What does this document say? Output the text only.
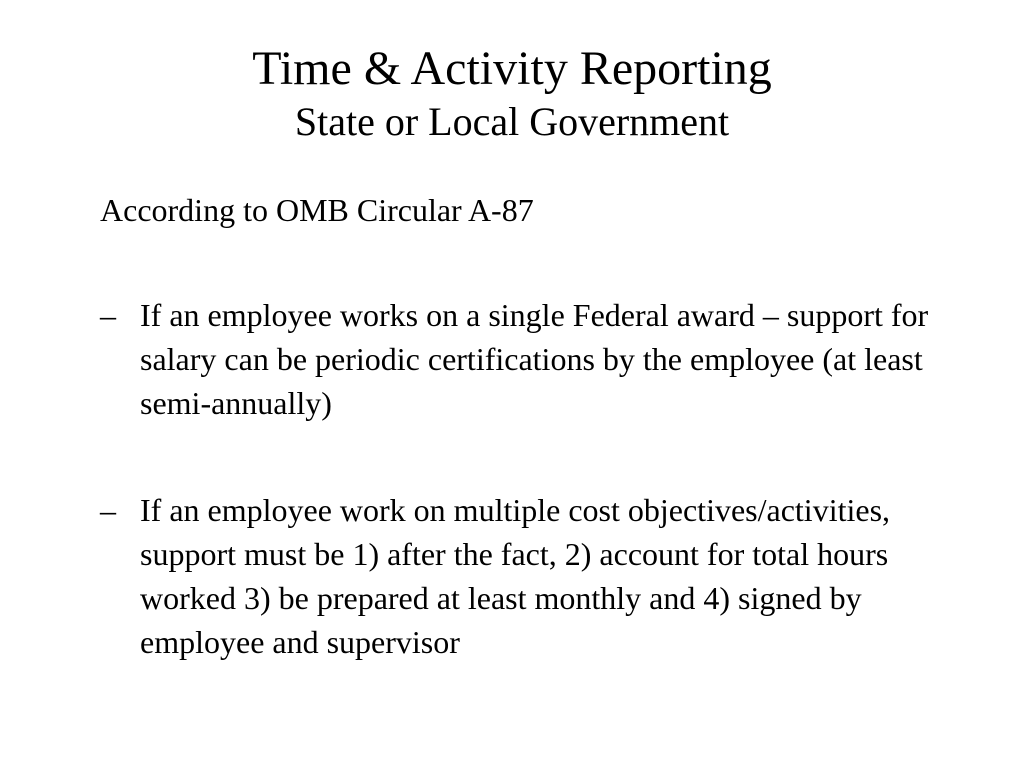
Time & Activity Reporting
State or Local Government
According to OMB Circular A-87
– If an employee works on a single Federal award – support for salary can be periodic certifications by the employee (at least semi-annually)
– If an employee work on multiple cost objectives/activities, support must be 1) after the fact, 2) account for total hours worked 3) be prepared at least monthly and 4) signed by employee and supervisor
